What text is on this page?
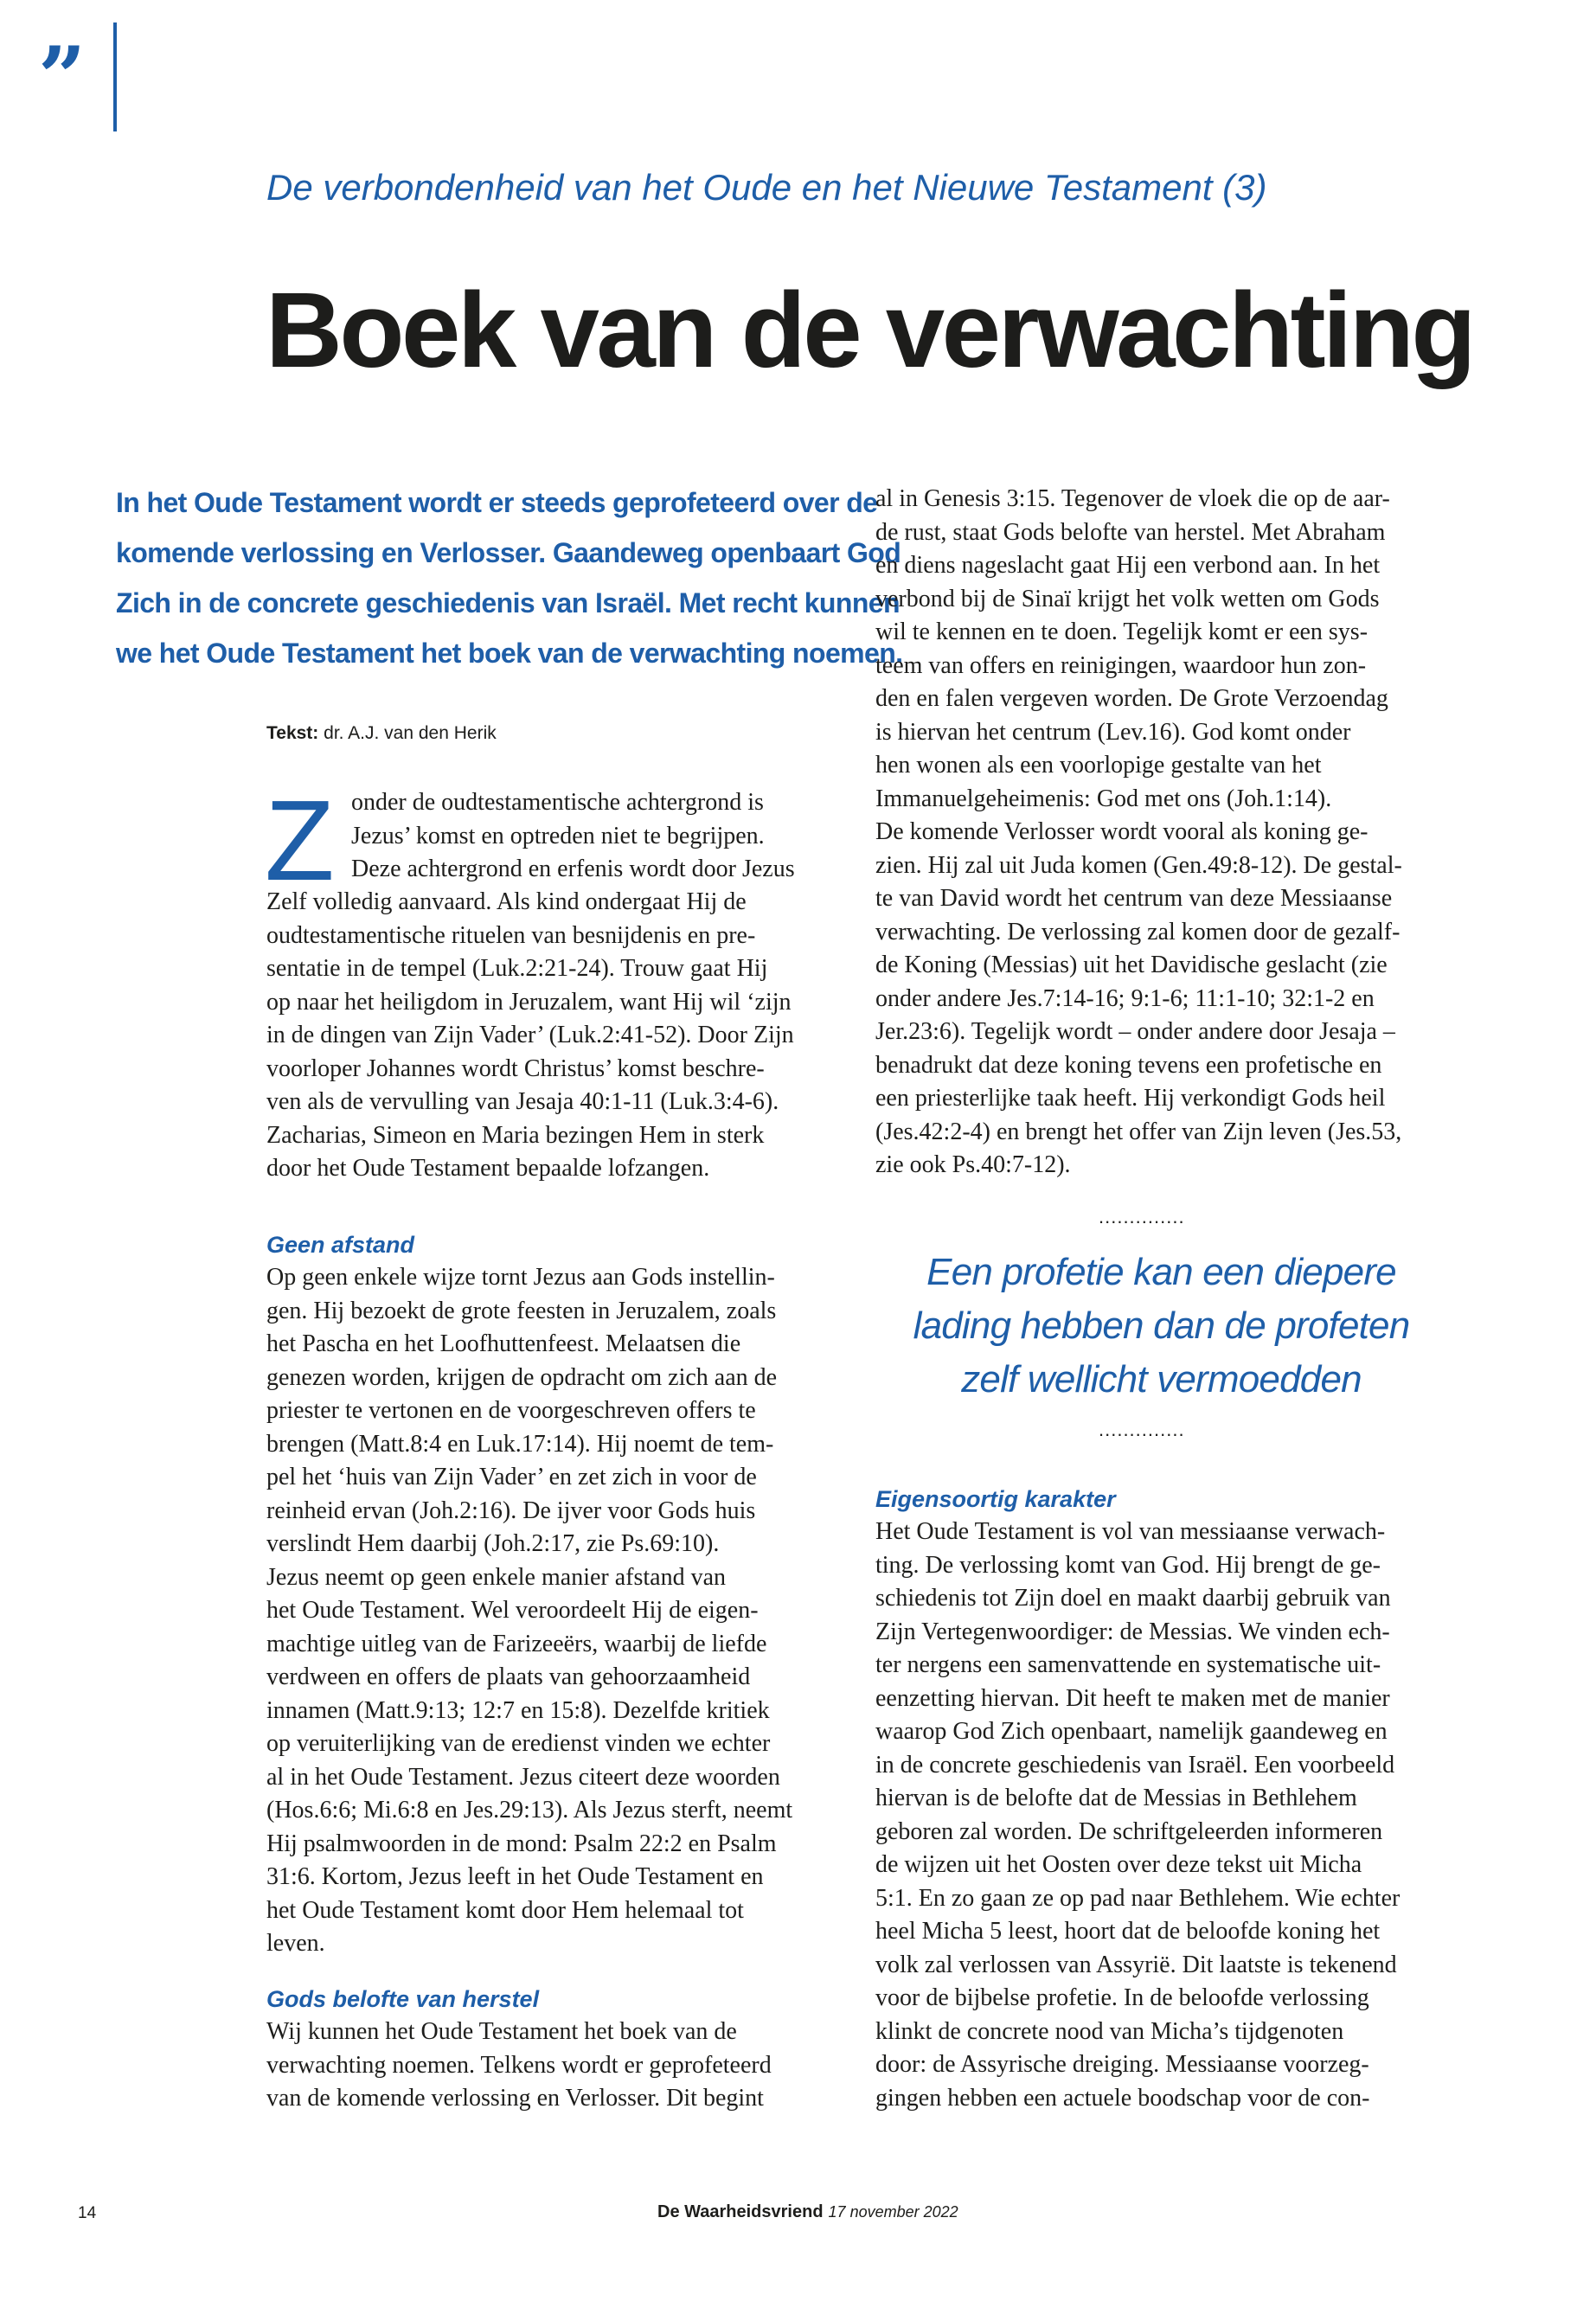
”
De verbondenheid van het Oude en het Nieuwe Testament (3)
Boek van de verwachting

In het Oude Testament wordt er steeds geprofeteerd over de

komende verlossing en Verlosser. Gaandeweg openbaart God

Zich in de concrete geschiedenis van Israël. Met recht kunnen

we het Oude Testament het boek van de verwachting noemen.

Tekst: dr. A.J. van den Herik
Z onder de oudtestamentische achtergrond is
Jezus’ komst en optreden niet te begrijpen.
Deze achtergrond en erfenis wordt door Jezus
Zelf volledig aanvaard. Als kind ondergaat Hij de
oudtestamentische rituelen van besnijdenis en pre-
sentatie in de tempel (Luk.2:21-24). Trouw gaat Hij
op naar het heiligdom in Jeruzalem, want Hij wil ‘zijn
in de dingen van Zijn Vader’ (Luk.2:41-52). Door Zijn
voorloper Johannes wordt Christus’ komst beschre-
ven als de vervulling van Jesaja 40:1-11 (Luk.3:4-6).
Zacharias, Simeon en Maria bezingen Hem in sterk
door het Oude Testament bepaalde lofzangen.
Geen afstand
Op geen enkele wijze tornt Jezus aan Gods instellin-
gen. Hij bezoekt de grote feesten in Jeruzalem, zoals
het Pascha en het Loofhuttenfeest. Melaatsen die
genezen worden, krijgen de opdracht om zich aan de
priester te vertonen en de voorgeschreven offers te
brengen (Matt.8:4 en Luk.17:14). Hij noemt de tem-
pel het ‘huis van Zijn Vader’ en zet zich in voor de
reinheid ervan (Joh.2:16). De ijver voor Gods huis
verslindt Hem daarbij (Joh.2:17, zie Ps.69:10).
Jezus neemt op geen enkele manier afstand van
het Oude Testament. Wel veroordeelt Hij de eigen-
machtige uitleg van de Farizeeërs, waarbij de liefde
verdween en offers de plaats van gehoorzaamheid
innamen (Matt.9:13; 12:7 en 15:8). Dezelfde kritiek
op veruiterlijking van de eredienst vinden we echter
al in het Oude Testament. Jezus citeert deze woorden
(Hos.6:6; Mi.6:8 en Jes.29:13). Als Jezus sterft, neemt
Hij psalmwoorden in de mond: Psalm 22:2 en Psalm
31:6. Kortom, Jezus leeft in het Oude Testament en
het Oude Testament komt door Hem helemaal tot
leven.
Gods belofte van herstel
Wij kunnen het Oude Testament het boek van de
verwachting noemen. Telkens wordt er geprofeteerd
van de komende verlossing en Verlosser. Dit begint
al in Genesis 3:15. Tegenover de vloek die op de aar-
de rust, staat Gods belofte van herstel. Met Abraham
en diens nageslacht gaat Hij een verbond aan. In het
verbond bij de Sinaï krijgt het volk wetten om Gods
wil te kennen en te doen. Tegelijk komt er een sys-
teem van offers en reinigingen, waardoor hun zon-
den en falen vergeven worden. De Grote Verzoendag
is hiervan het centrum (Lev.16). God komt onder
hen wonen als een voorlopige gestalte van het
Immanuelgeheimenis: God met ons (Joh.1:14).
De komende Verlosser wordt vooral als koning ge-
zien. Hij zal uit Juda komen (Gen.49:8-12). De gestal-
te van David wordt het centrum van deze Messiaanse
verwachting. De verlossing zal komen door de gezalf-
de Koning (Messias) uit het Davidische geslacht (zie
onder andere Jes.7:14-16; 9:1-6; 11:1-10; 32:1-2 en
Jer.23:6). Tegelijk wordt – onder andere door Jesaja –
benadrukt dat deze koning tevens een profetische en
een priesterlijke taak heeft. Hij verkondigt Gods heil
(Jes.42:2-4) en brengt het offer van Zijn leven (Jes.53,
zie ook Ps.40:7-12).
..............
Een profetie kan een diepere
lading hebben dan de profeten
zelf wellicht vermoedden
..............
Eigensoortig karakter
Het Oude Testament is vol van messiaanse verwach-
ting. De verlossing komt van God. Hij brengt de ge-
schiedenis tot Zijn doel en maakt daarbij gebruik van
Zijn Vertegenwoordiger: de Messias. We vinden ech-
ter nergens een samenvattende en systematische uit-
eenzetting hiervan. Dit heeft te maken met de manier
waarop God Zich openbaart, namelijk gaandeweg en
in de concrete geschiedenis van Israël. Een voorbeeld
hiervan is de belofte dat de Messias in Bethlehem
geboren zal worden. De schriftgeleerden informeren
de wijzen uit het Oosten over deze tekst uit Micha
5:1. En zo gaan ze op pad naar Bethlehem. Wie echter
heel Micha 5 leest, hoort dat de beloofde koning het
volk zal verlossen van Assyrië. Dit laatste is tekenend
voor de bijbelse profetie. In de beloofde verlossing
klinkt de concrete nood van Micha’s tijdgenoten
door: de Assyrische dreiging. Messiaanse voorzeg-
gingen hebben een actuele boodschap voor de con-
14	De Waarheidsvriend 17 november 2022
